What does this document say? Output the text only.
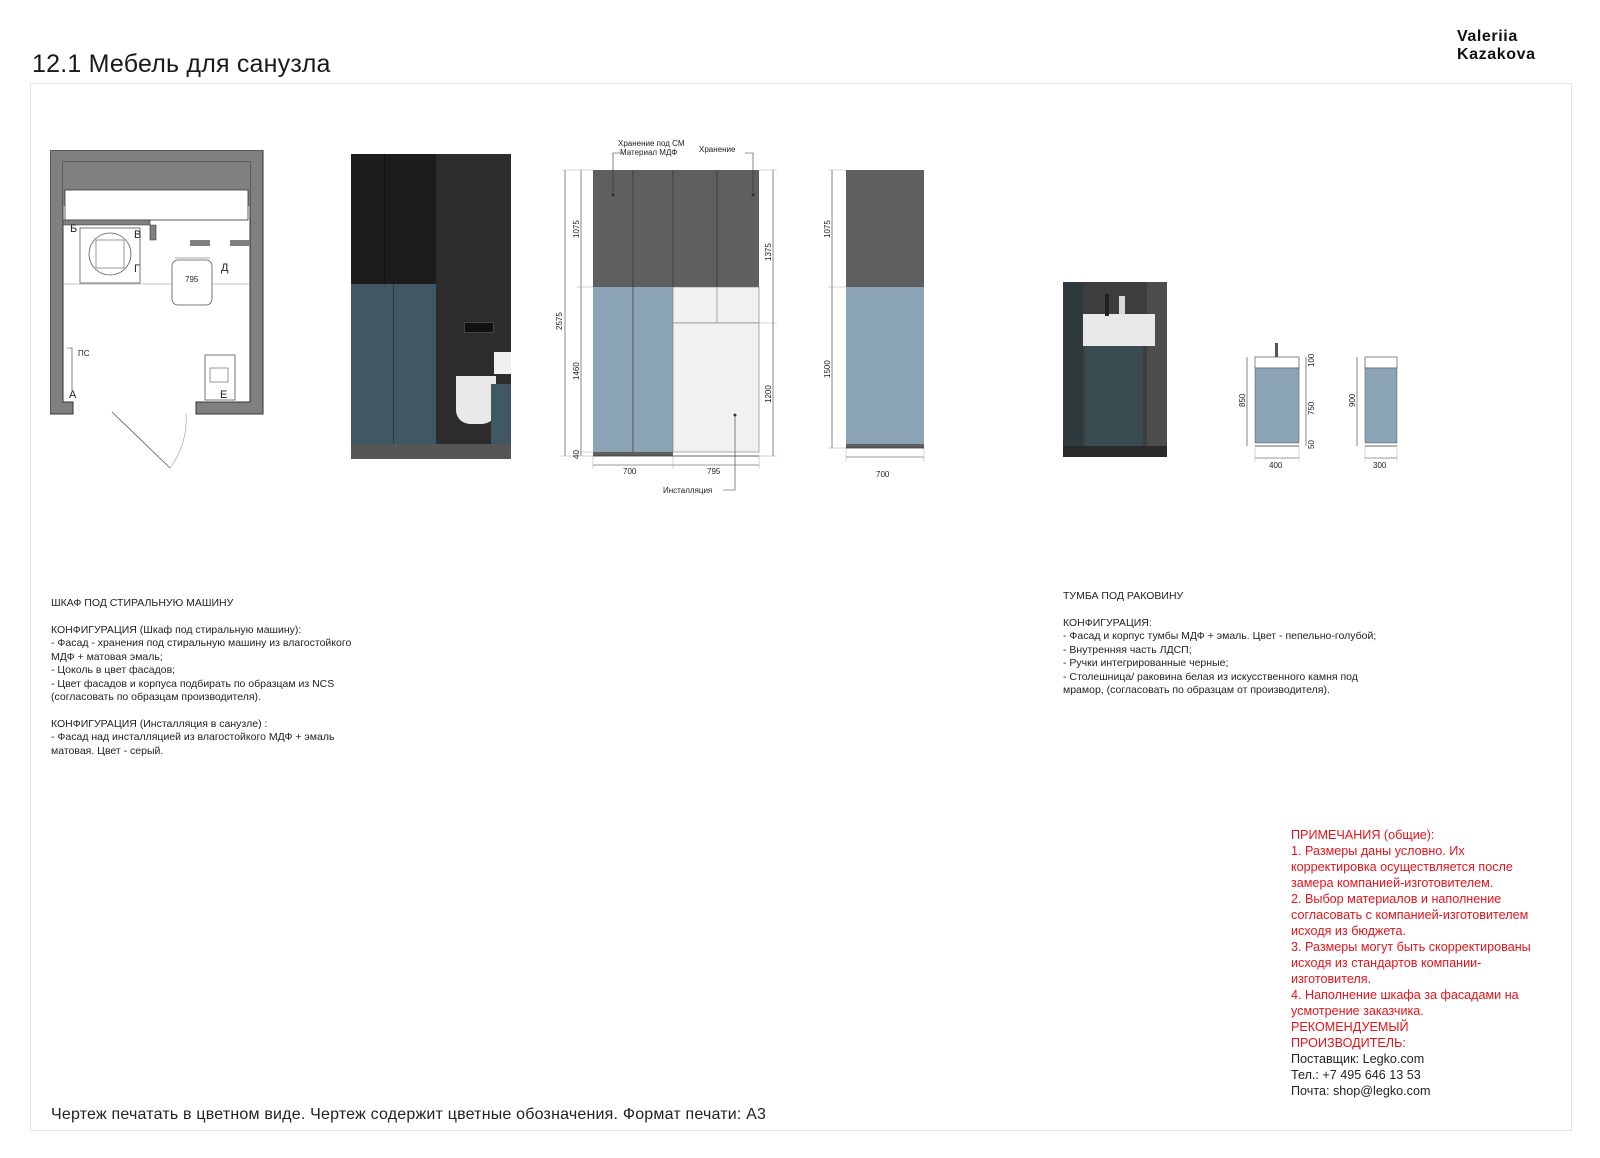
12.1 Мебель для санузла
Valeriia
Kazakova
Б	В
Г	Д
А	Е
ПС
795
Хранение под СМ
Материал МДФ	Хранение
Инсталляция
2575
1075
1460
40
1375
1200
700	795
1075
1500
700
850
100
750
50
400
900
300
ШКАФ ПОД СТИРАЛЬНУЮ МАШИНУ
КОНФИГУРАЦИЯ (Шкаф под стиральную машину):
- Фасад - хранения под стиральную машину из влагостойкого
МДФ + матовая эмаль;
- Цоколь в цвет фасадов;
- Цвет фасадов и корпуса подбирать по образцам из NCS
(согласовать по образцам производителя).
КОНФИГУРАЦИЯ (Инсталляция в санузле) :
- Фасад над инсталляцией из влагостойкого МДФ + эмаль
матовая. Цвет - серый.
ТУМБА ПОД РАКОВИНУ
КОНФИГУРАЦИЯ:
- Фасад и корпус тумбы МДФ + эмаль. Цвет - пепельно-голубой;
- Внутренняя часть ЛДСП;
- Ручки интегрированные черные;
- Столешница/ раковина белая из искусственного камня под
мрамор, (согласовать по образцам от производителя).
ПРИМЕЧАНИЯ (общие):
1. Размеры даны условно. Их
корректировка осуществляется после
замера компанией-изготовителем.
2. Выбор материалов и наполнение
согласовать с компанией-изготовителем
исходя из бюджета.
3. Размеры могут быть скорректированы
исходя из стандартов компании-
изготовителя.
4. Наполнение шкафа за фасадами на
усмотрение заказчика.
РЕКОМЕНДУЕМЫЙ
ПРОИЗВОДИТЕЛЬ:
Поставщик: Legko.com
Тел.: +7 495 646 13 53
Почта: shop@legko.com
Чертеж печатать в цветном виде. Чертеж содержит цветные обозначения. Формат печати: А3
